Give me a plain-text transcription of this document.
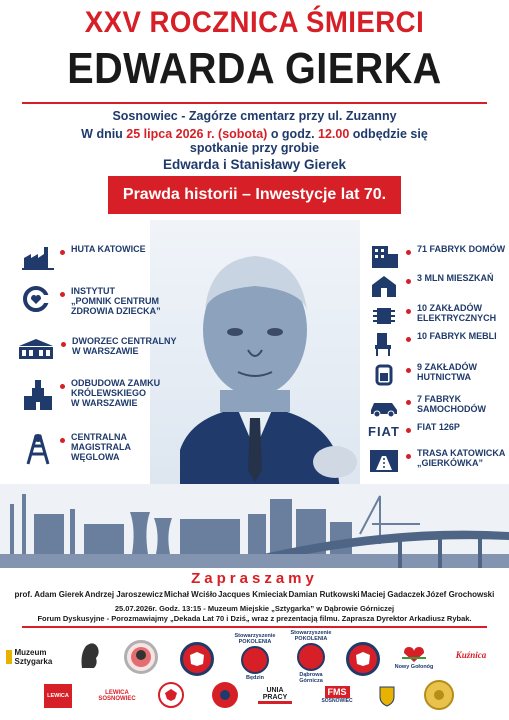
XXV ROCZNICA ŚMIERCI
EDWARDA GIERKA
Sosnowiec - Zagórze cmentarz przy ul. Zuzanny
W dniu 25 lipca 2026 r. (sobota) o godz. 12.00 odbędzie się
spotkanie przy grobie
Edwarda i Stanisławy Gierek
Prawda historii – Inwestycje lat 70.
HUTA KATOWICE
INSTYTUT
„POMNIK CENTRUM
ZDROWIA DZIECKA”
DWORZEC CENTRALNY
W WARSZAWIE
ODBUDOWA ZAMKU
KRÓLEWSKIEGO
W WARSZAWIE
CENTRALNA
MAGISTRALA
WĘGLOWA
71 FABRYK DOMÓW
3 MLN MIESZKAŃ
10 ZAKŁADÓW
ELEKTRYCZNYCH
10 FABRYK MEBLI
9 ZAKŁADÓW
HUTNICTWA
7 FABRYK
SAMOCHODÓW
FIAT FIAT 126P
TRASA KATOWICKA
„GIERKÓWKA”
Zapraszamy
prof. Adam Gierek Andrzej Jaroszewicz Michał Wciśło Jacques Kmieciak Damian Rutkowski Maciej Gadaczek Józef Grochowski
25.07.2026r. Godz. 13:15 - Muzeum Miejskie „Sztygarka” w Dąbrowie Górniczej
Forum Dyskusyjne - Porozmawiajmy „Dekada Lat 70 i Dziś„ wraz z prezentacją filmu. Zaprasza Dyrektor Arkadiusz Rybak.
Muzeum Sztygarka
Stowarzyszenie POKOLENIA
Będzin
Stowarzyszenie POKOLENIA
Dąbrowa Górnicza
Nowy Gołonóg
Kuźnica
LEWICA	LEWICA SOSNOWIEC
UNIA PRACY	FMS
SOSNOWIEC
